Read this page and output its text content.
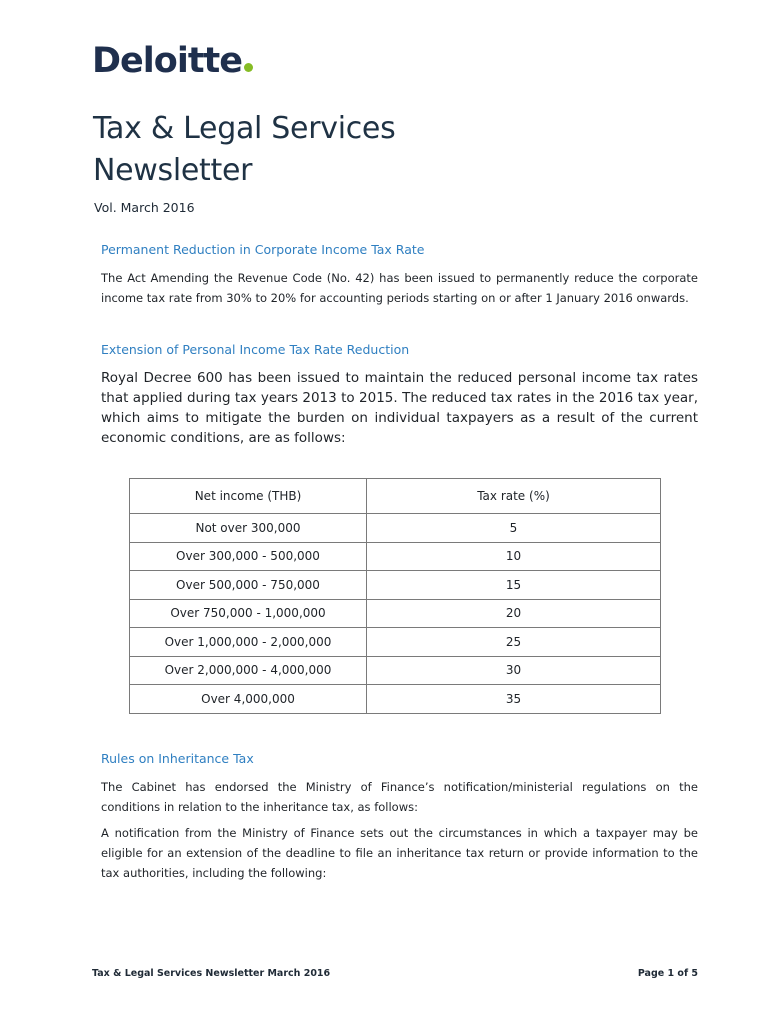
Deloitte
Tax & Legal Services
Newsletter
Vol. March 2016
Permanent Reduction in Corporate Income Tax Rate

The Act Amending the Revenue Code (No. 42) has been issued to permanently reduce the corporate income tax rate from 30% to 20% for accounting periods starting on or after 1 January 2016 onwards.

Extension of Personal Income Tax Rate Reduction

Royal Decree 600 has been issued to maintain the reduced personal income tax rates that applied during tax years 2013 to 2015. The reduced tax rates in the 2016 tax year, which aims to mitigate the burden on individual taxpayers as a result of the current economic conditions, are as follows:

Net income (THB)	Tax rate (%)
Not over 300,000	5
Over 300,000 - 500,000	10
Over 500,000 - 750,000	15
Over 750,000 - 1,000,000	20
Over 1,000,000 - 2,000,000	25
Over 2,000,000 - 4,000,000	30
Over 4,000,000	35
Rules on Inheritance Tax

The Cabinet has endorsed the Ministry of Finance’s notification/ministerial regulations on the conditions in relation to the inheritance tax, as follows:

A notification from the Ministry of Finance sets out the circumstances in which a taxpayer may be eligible for an extension of the deadline to file an inheritance tax return or provide information to the tax authorities, including the following:

Tax & Legal Services Newsletter March 2016	Page 1 of 5
